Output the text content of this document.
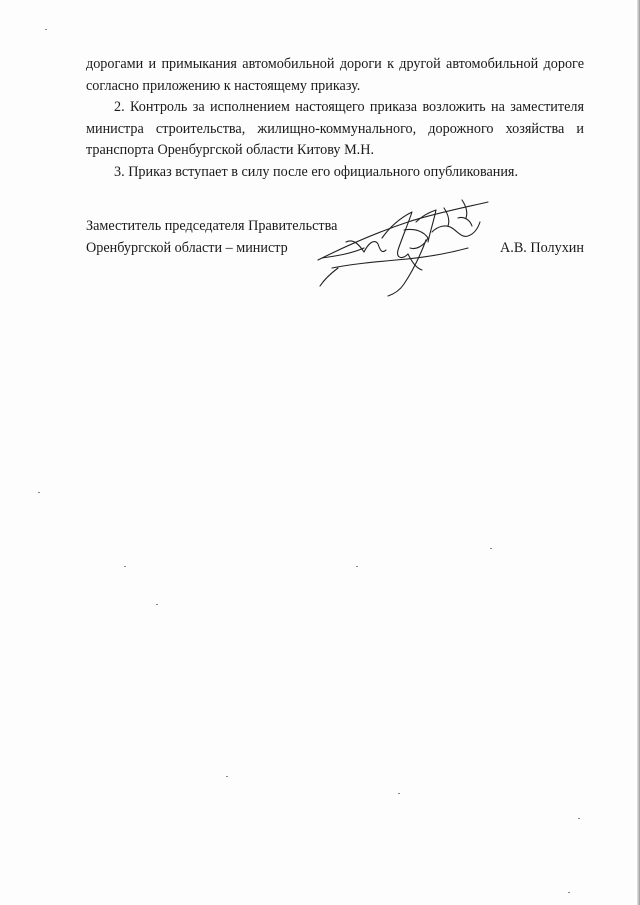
дорогами и примыкания автомобильной дороги к другой автомобильной дороге согласно приложению к настоящему приказу.

2. Контроль за исполнением настоящего приказа возложить на заместителя министра строительства, жилищно-коммунального, дорожного хозяйства и транспорта Оренбургской области Китову М.Н.

3. Приказ вступает в силу после его официального опубликования.

Заместитель председателя Правительства
Оренбургской области – министр	А.В. Полухин
